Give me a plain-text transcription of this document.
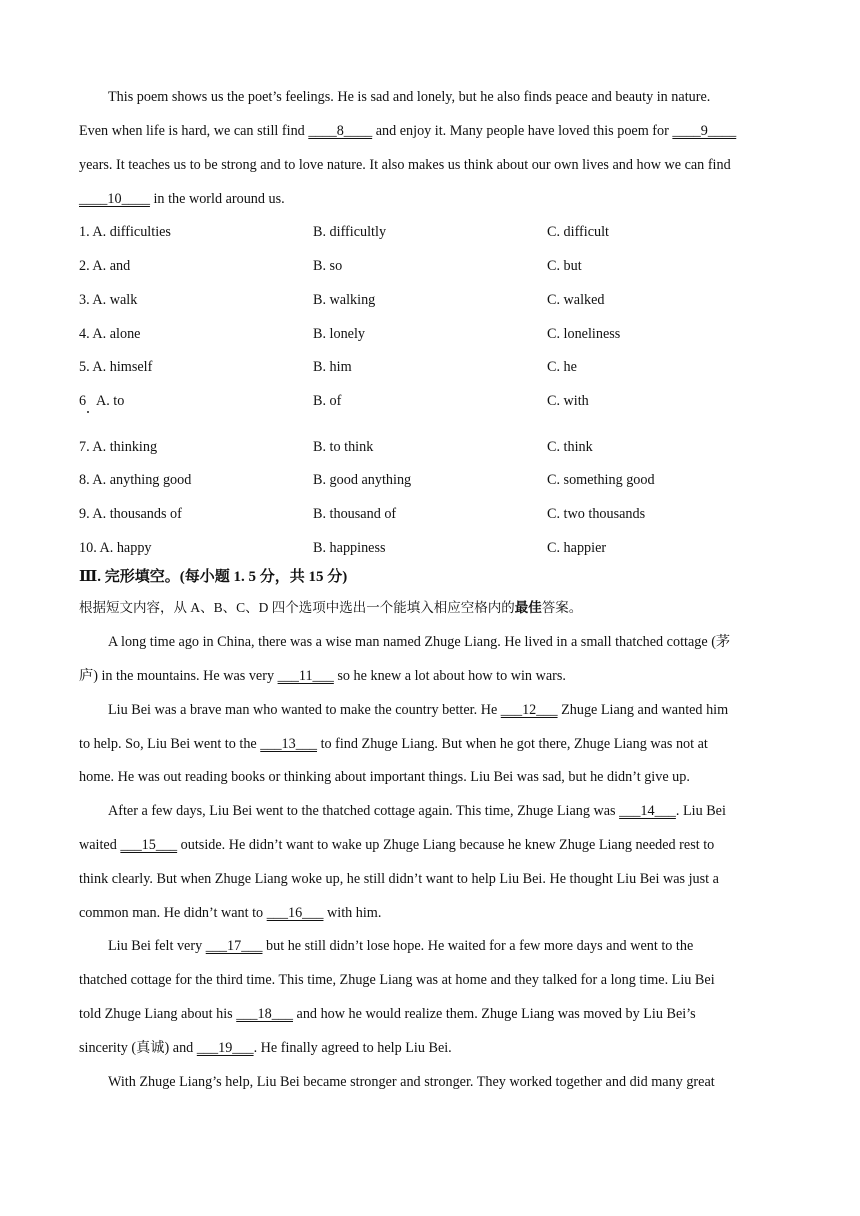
This poem shows us the poet’s feelings. He is sad and lonely, but he also finds peace and beauty in nature.
Even when life is hard, we can still find ____8____ and enjoy it. Many people have loved this poem for ____9____
years. It teaches us to be strong and to love nature. It also makes us think about our own lives and how we can find
____10____ in the world around us.
1. A. difficulties	B. difficultly	C. difficult
2. A. and	B. so	C. but
3. A. walk	B. walking	C. walked
4. A. alone	B. lonely	C. loneliness
5. A. himself	B. him	C. he
6   A. to	B. of	C. with
7. A. thinking	B. to think	C. think
8. A. anything good	B. good anything	C. something good
9. A. thousands of	B. thousand of	C. two thousands
10. A. happy	B. happiness	C. happier
Ⅲ. 完形填空。(每小题 1. 5 分，共 15 分)
根据短文内容，从 A、B、C、D 四个选项中选出一个能填入相应空格内的最佳答案。
A long time ago in China, there was a wise man named Zhuge Liang. He lived in a small thatched cottage (茅
庐) in the mountains. He was very ___11___ so he knew a lot about how to win wars.
Liu Bei was a brave man who wanted to make the country better. He ___12___ Zhuge Liang and wanted him
to help. So, Liu Bei went to the ___13___ to find Zhuge Liang. But when he got there, Zhuge Liang was not at
home. He was out reading books or thinking about important things. Liu Bei was sad, but he didn’t give up.
After a few days, Liu Bei went to the thatched cottage again. This time, Zhuge Liang was ___14___. Liu Bei
waited ___15___ outside. He didn’t want to wake up Zhuge Liang because he knew Zhuge Liang needed rest to
think clearly. But when Zhuge Liang woke up, he still didn’t want to help Liu Bei. He thought Liu Bei was just a
common man. He didn’t want to ___16___ with him.
Liu Bei felt very ___17___ but he still didn’t lose hope. He waited for a few more days and went to the
thatched cottage for the third time. This time, Zhuge Liang was at home and they talked for a long time. Liu Bei
told Zhuge Liang about his ___18___ and how he would realize them. Zhuge Liang was moved by Liu Bei’s
sincerity (真诚) and ___19___. He finally agreed to help Liu Bei.
With Zhuge Liang’s help, Liu Bei became stronger and stronger. They worked together and did many great
